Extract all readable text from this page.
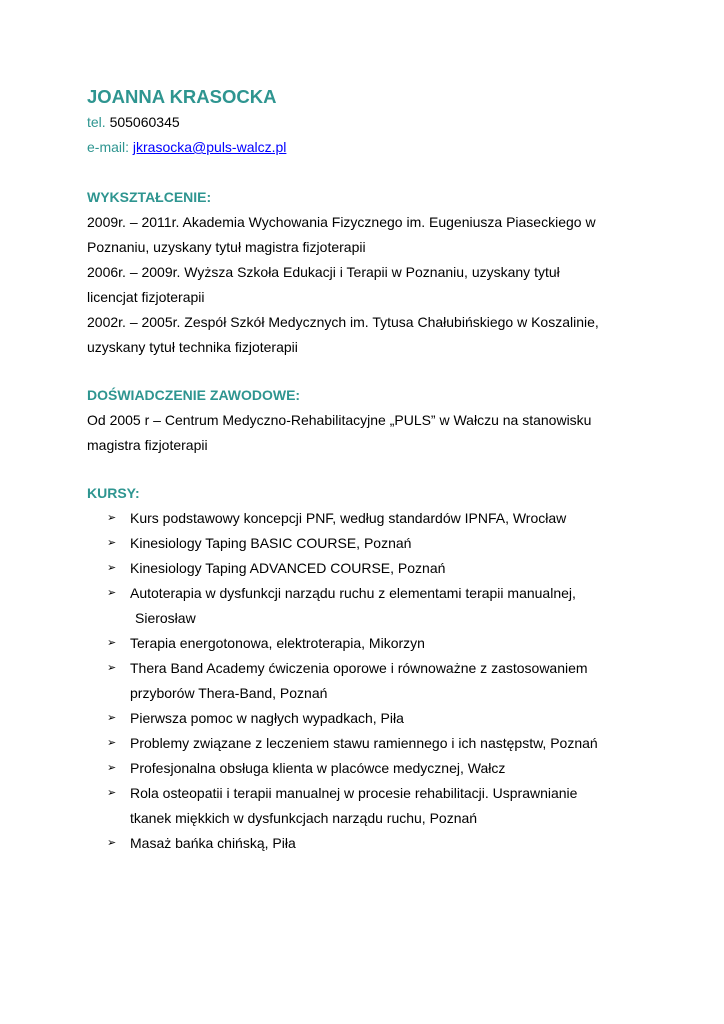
JOANNA KRASOCKA

tel. 505060345

e-mail: jkrasocka@puls-walcz.pl

WYKSZTAŁCENIE:

2009r. – 2011r. Akademia Wychowania Fizycznego im. Eugeniusza Piaseckiego w

Poznaniu, uzyskany tytuł magistra fizjoterapii

2006r. – 2009r. Wyższa Szkoła Edukacji i Terapii w Poznaniu, uzyskany tytuł

licencjat fizjoterapii

2002r. – 2005r. Zespół Szkół Medycznych im. Tytusa Chałubińskiego w Koszalinie,

uzyskany tytuł technika fizjoterapii

DOŚWIADCZENIE ZAWODOWE:

Od 2005 r – Centrum Medyczno-Rehabilitacyjne „PULS” w Wałczu na stanowisku

magistra fizjoterapii

KURSY:
➢ Kurs podstawowy koncepcji PNF, według standardów IPNFA, Wrocław
➢ Kinesiology Taping BASIC COURSE, Poznań
➢ Kinesiology Taping ADVANCED COURSE, Poznań
➢ Autoterapia w dysfunkcji narządu ruchu z elementami terapii manualnej,
Sierosław
➢ Terapia energotonowa, elektroterapia, Mikorzyn
➢ Thera Band Academy ćwiczenia oporowe i równoważne z zastosowaniem
przyborów Thera-Band, Poznań
➢ Pierwsza pomoc w nagłych wypadkach, Piła
➢ Problemy związane z leczeniem stawu ramiennego i ich następstw, Poznań
➢ Profesjonalna obsługa klienta w placówce medycznej, Wałcz
➢ Rola osteopatii i terapii manualnej w procesie rehabilitacji. Usprawnianie
tkanek miękkich w dysfunkcjach narządu ruchu, Poznań
➢ Masaż bańka chińską, Piła
